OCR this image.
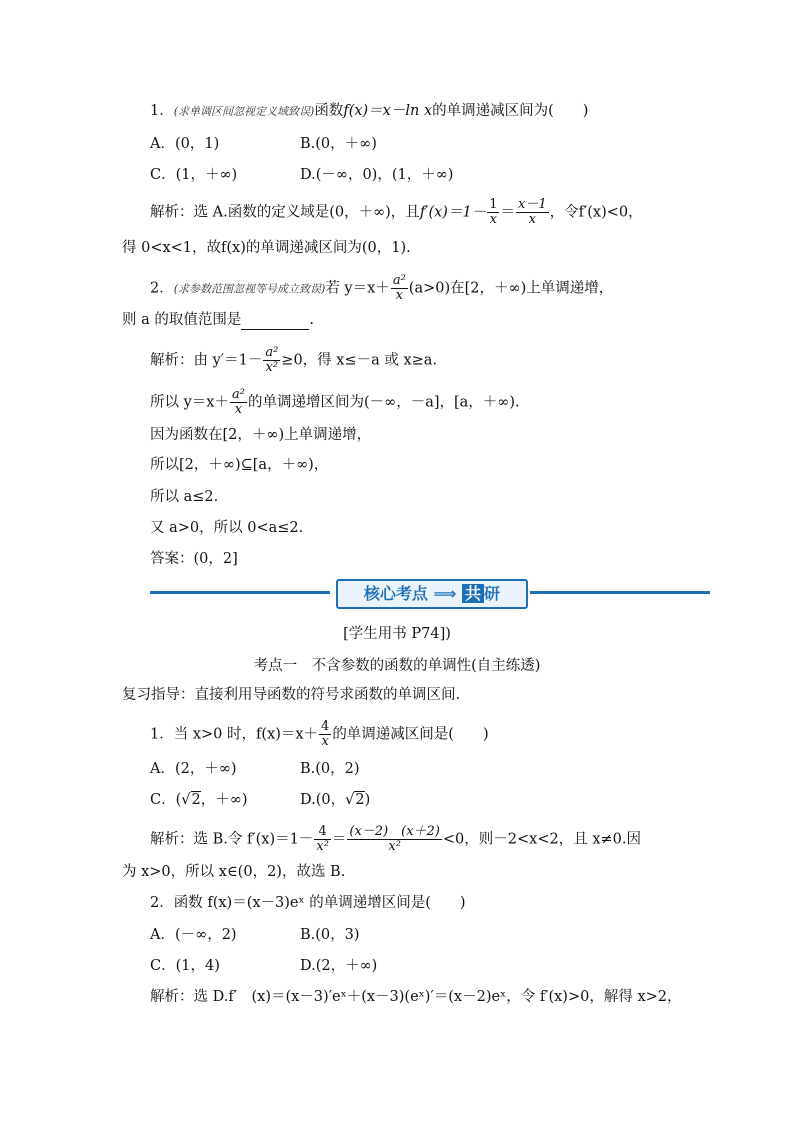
1．(求单调区间忽视定义域致误)函数f(x)＝x－ln x的单调递减区间为(　　)
A．(0，1)	B.(0，＋∞)
C．(1，＋∞)	D.(－∞，0)，(1，＋∞)
解析：选 A.函数的定义域是(0，＋∞)，且$f'(x)=1- \frac{1}{x} = \frac{x-1}{x}$ ，令f′(x)<0，
得 0<x<1，故f(x)的单调递减区间为(0，1).
2．(求参数范围忽视等号成立致误)若 $y=x+ \frac{\text{a²}}{x} (a>0)$在[2，＋∞)上单调递增，
则 a 的取值范围是	.
解析：由 $y'=1- \frac{\text{a²}}{\text{x²}} \ge 0$，得 x≤－a 或 x≥a.
所以 $y=x+ \frac{\text{a²}}{x}$ 的单调递增区间为(－∞，－a]，[a，＋∞).
因为函数在[2，＋∞)上单调递增，
所以[2，＋∞)⊆[a，＋∞)，
所以 a≤2.
又 a>0，所以 0<a≤2.
答案：(0，2]
核心考点 ⟹ 共 研
[学生用书 P74])
考点一　不含参数的函数的单调性(自主练透)
复习指导：直接利用导函数的符号求函数的单调区间.
1．当 x>0 时，$f(x)=x+ \frac{4}{x}$ 的单调递减区间是(　　)
A．(2，＋∞)	B.(0，2)
C．(√2，＋∞)	D.(0，√2)
解析：选 B.令 $f'(x)=1- \frac{4}{\text{x²}} = \frac{(x-2) (x+2)}{\text{x²}} <0$，则－2<x<2，且 x≠0.因
为 x>0，所以 x∈(0，2)，故选 B.
2．函数 f(x)＝(x－3)eˣ 的单调递增区间是(　　)
A．(－∞，2)	B.(0，3)
C．(1，4)	D.(2，＋∞)
解析：选 D.f′　(x)＝(x－3)′eˣ＋(x－3)(eˣ)′＝(x－2)eˣ，令 f′(x)>0，解得 x>2，
